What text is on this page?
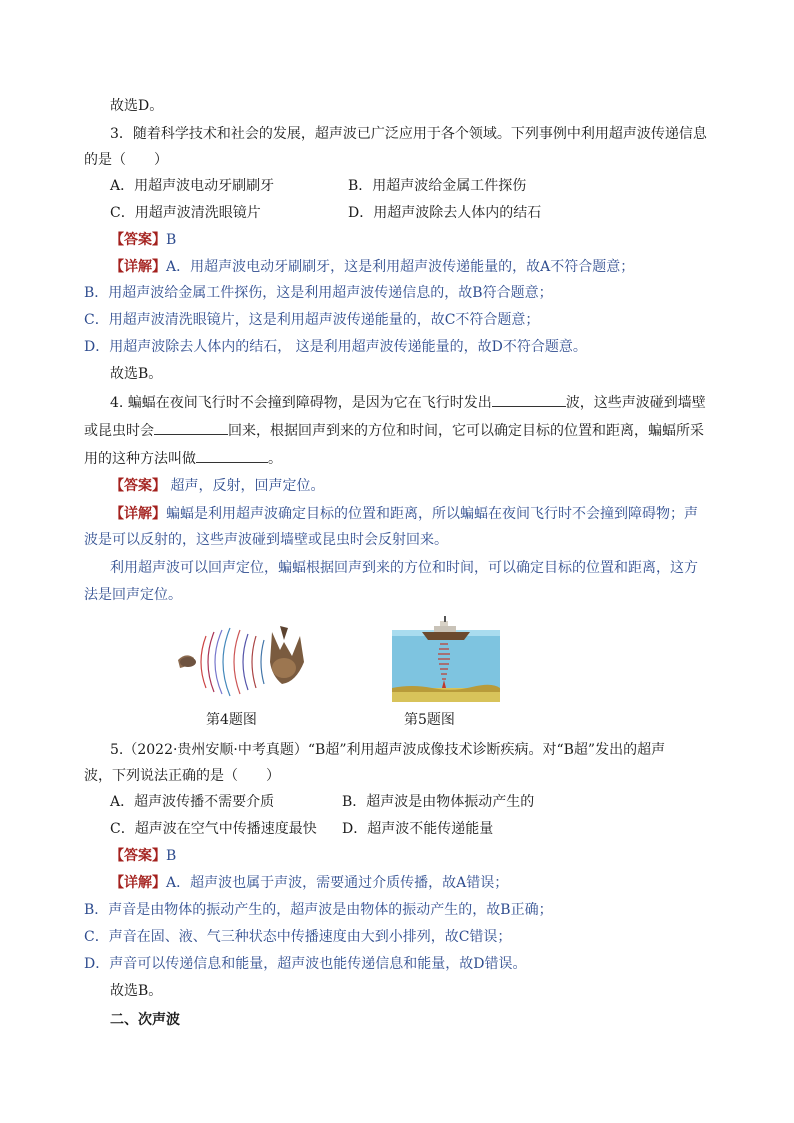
故选D。
3．随着科学技术和社会的发展，超声波已广泛应用于各个领域。下列事例中利用超声波传递信息
的是（　　）
A．用超声波电动牙刷刷牙	B．用超声波给金属工件探伤
C．用超声波清洗眼镜片	D．用超声波除去人体内的结石
【答案】B
【详解】A．用超声波电动牙刷刷牙，这是利用超声波传递能量的，故A不符合题意；
B．用超声波给金属工件探伤，这是利用超声波传递信息的，故B符合题意；
C．用超声波清洗眼镜片，这是利用超声波传递能量的，故C不符合题意；
D．用超声波除去人体内的结石， 这是利用超声波传递能量的，故D不符合题意。
故选B。
4. 蝙蝠在夜间飞行时不会撞到障碍物，是因为它在飞行时发出	波，这些声波碰到墙壁
或昆虫时会	回来，根据回声到来的方位和时间，它可以确定目标的位置和距离，蝙蝠所采
用的这种方法叫做	。
【答案】 超声，反射，回声定位。
【详解】蝙蝠是利用超声波确定目标的位置和距离，所以蝙蝠在夜间飞行时不会撞到障碍物；声
波是可以反射的，这些声波碰到墙壁或昆虫时会反射回来。
利用超声波可以回声定位，蝙蝠根据回声到来的方位和时间，可以确定目标的位置和距离，这方
法是回声定位。
第4题图	第5题图
5.（2022·贵州安顺·中考真题）“B超”利用超声波成像技术诊断疾病。对“B超”发出的超声
波，下列说法正确的是（　　）
A．超声波传播不需要介质	B．超声波是由物体振动产生的
C．超声波在空气中传播速度最快 D．超声波不能传递能量
【答案】B
【详解】A．超声波也属于声波，需要通过介质传播，故A错误；
B．声音是由物体的振动产生的，超声波是由物体的振动产生的，故B正确；
C．声音在固、液、气三种状态中传播速度由大到小排列，故C错误；
D．声音可以传递信息和能量，超声波也能传递信息和能量，故D错误。
故选B。
二、次声波
